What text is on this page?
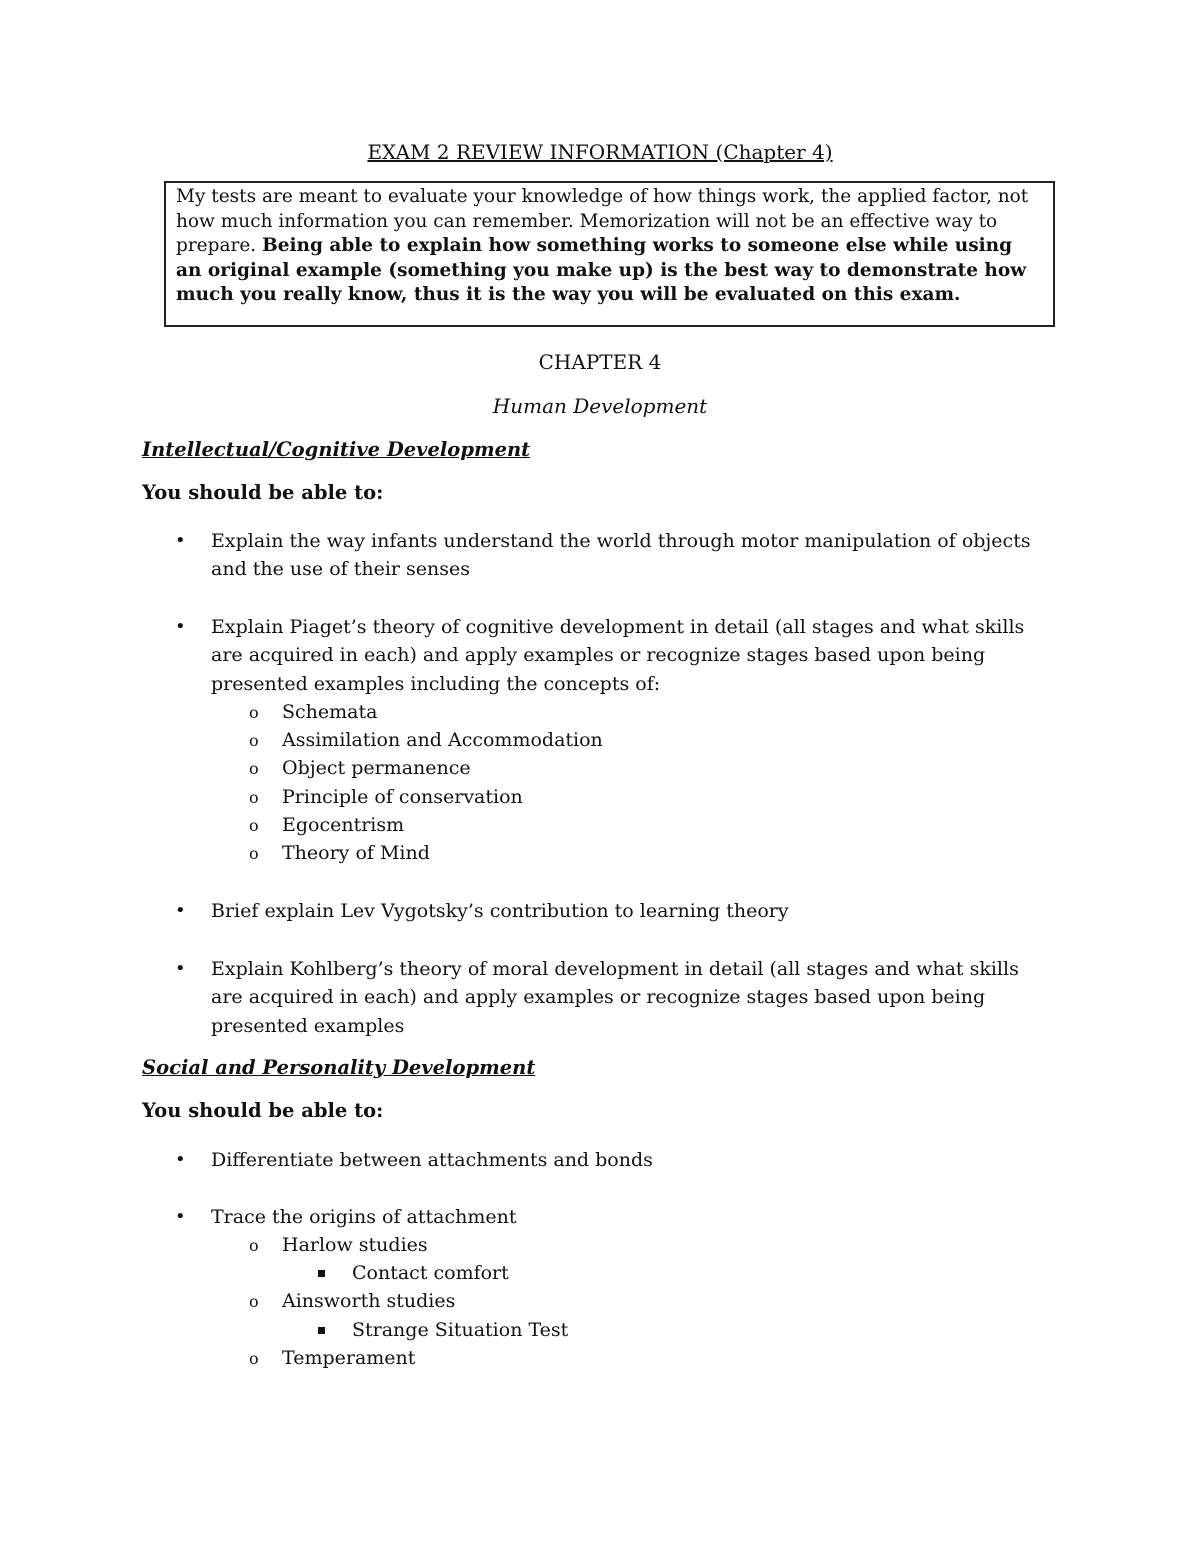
EXAM 2 REVIEW INFORMATION (Chapter 4)
My tests are meant to evaluate your knowledge of how things work, the applied factor, not how much information you can remember. Memorization will not be an effective way to prepare. Being able to explain how something works to someone else while using an original example (something you make up) is the best way to demonstrate how much you really know, thus it is the way you will be evaluated on this exam.
CHAPTER 4
Human Development
Intellectual/Cognitive Development
You should be able to:
• Explain the way infants understand the world through motor manipulation of objects and the use of their senses
• Explain Piaget’s theory of cognitive development in detail (all stages and what skills are acquired in each) and apply examples or recognize stages based upon being presented examples including the concepts of:
o Schemata
o Assimilation and Accommodation
o Object permanence
o Principle of conservation
o Egocentrism
o Theory of Mind
• Brief explain Lev Vygotsky’s contribution to learning theory
• Explain Kohlberg’s theory of moral development in detail (all stages and what skills are acquired in each) and apply examples or recognize stages based upon being presented examples
Social and Personality Development
You should be able to:
• Differentiate between attachments and bonds
• Trace the origins of attachment
o Harlow studies
Contact comfort
o Ainsworth studies
Strange Situation Test
o Temperament
